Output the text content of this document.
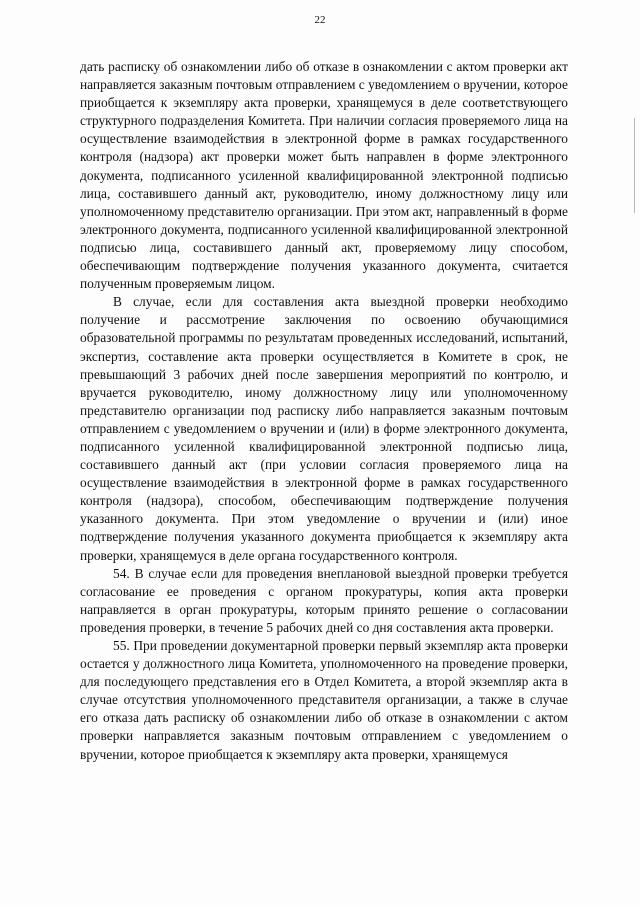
22

дать расписку об ознакомлении либо об отказе в ознакомлении с актом проверки акт направляется заказным почтовым отправлением с уведомлением о вручении, которое приобщается к экземпляру акта проверки, хранящемуся в деле соответствующего структурного подразделения Комитета. При наличии согласия проверяемого лица на осуществление взаимодействия в электронной форме в рамках государственного контроля (надзора) акт проверки может быть направлен в форме электронного документа, подписанного усиленной квалифицированной электронной подписью лица, составившего данный акт, руководителю, иному должностному лицу или уполномоченному представителю организации. При этом акт, направленный в форме электронного документа, подписанного усиленной квалифицированной электронной подписью лица, составившего данный акт, проверяемому лицу способом, обеспечивающим подтверждение получения указанного документа, считается полученным проверяемым лицом.

В случае, если для составления акта выездной проверки необходимо получение и рассмотрение заключения по освоению обучающимися образовательной программы по результатам проведенных исследований, испытаний, экспертиз, составление акта проверки осуществляется в Комитете в срок, не превышающий 3 рабочих дней после завершения мероприятий по контролю, и вручается руководителю, иному должностному лицу или уполномоченному представителю организации под расписку либо направляется заказным почтовым отправлением с уведомлением о вручении и (или) в форме электронного документа, подписанного усиленной квалифицированной электронной подписью лица, составившего данный акт (при условии согласия проверяемого лица на осуществление взаимодействия в электронной форме в рамках государственного контроля (надзора), способом, обеспечивающим подтверждение получения указанного документа. При этом уведомление о вручении и (или) иное подтверждение получения указанного документа приобщается к экземпляру акта проверки, хранящемуся в деле органа государственного контроля.

54. В случае если для проведения внеплановой выездной проверки требуется согласование ее проведения с органом прокуратуры, копия акта проверки направляется в орган прокуратуры, которым принято решение о согласовании проведения проверки, в течение 5 рабочих дней со дня составления акта проверки.

55. При проведении документарной проверки первый экземпляр акта проверки остается у должностного лица Комитета, уполномоченного на проведение проверки, для последующего представления его в Отдел Комитета, а второй экземпляр акта в случае отсутствия уполномоченного представителя организации, а также в случае его отказа дать расписку об ознакомлении либо об отказе в ознакомлении с актом проверки направляется заказным почтовым отправлением с уведомлением о вручении, которое приобщается к экземпляру акта проверки, хранящемуся
